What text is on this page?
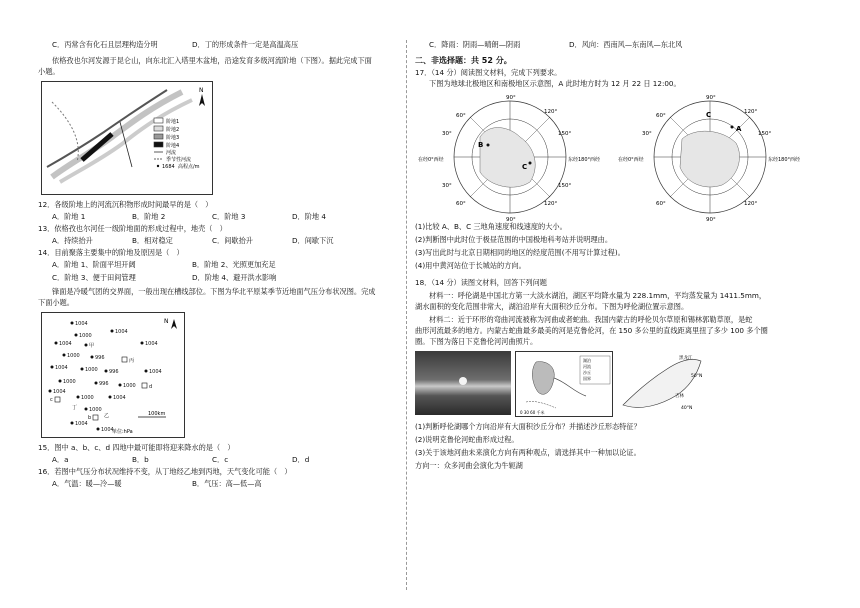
C．丙常含有化石且层理构造分明	D．丁的形成条件一定是高温高压
依格孜也尔河发源于昆仑山，向东北汇入塔里木盆地，沿途发育多级河流阶地（下图）。据此完成下面
小题。
N
阶地1
阶地2
阶地3
阶地4
河流
季节性河流
1684 高程点/m
12．各级阶地上的河流沉积物形成时间最早的是（　）
A．阶地 1	B．阶地 2	C．阶地 3	D．阶地 4
13．依格孜也尔河任一级阶地面的形成过程中，地壳（　）
A．持续抬升	B．相对稳定	C．间歇抬升	D．间歇下沉
14．目前聚落主要集中的阶地及原因是（　）
A．阶地 1、阶面平坦开阔	B．阶地 2、光照更加充足
C．阶地 3、便于田间管理	D．阶地 4、避开洪水影响
锋面是冷暖气团的交界面，一般出现在槽线部位。下图为华北平原某季节近地面气压分布状况图。完成
下面小题。
1004
1004
1000
1004	甲	1004
1000	996	丙
1004	1000 996	1004
1000	996	1000	d
1004
c	1000	1004
丁 1000
b	乙
1004
1004
N
100km
单位:hPa
15．图中 a、b、c、d 四地中最可能即将迎来降水的是（　）
A．a	B．b	C．c	D．d
16．若图中气压分布状况维持不变，从丁地经乙地到丙地，天气变化可能（　）
A．气温：暖—冷—暖	B．气压：高—低—高
C．降雨：阴雨—晴朗—阴雨	D．风向：西南风—东南风—东北风
二、非选择题：共 52 分。
17．（14 分）阅读图文材料，完成下列要求。
下图为地球北极地区和南极地区示意图，A 此时地方时为 12 月 22 日 12:00。
B
C
90°
90°
60°
120°
150°
30°
30°	150°
60°	120°
在经0°西经	东经180°西经
A
C
90°
90°
60°
120°
30°	150°
60°	120°
在经0°西经	东经180°西经
(1)比较 A、B、C 三地角速度和线速度的大小。
(2)判断图中此时位于极昼范围的中国极地科考站并说明理由。
(3)写出此时与北京日期相同的地区的经度范围(不用写计算过程)。
(4)用中黄河站位于长城站的方向。
18．（14 分）读图文材料，回答下列问题
材料一：呼伦湖是中国北方第一大淡水湖泊，湖区平均降水量为 228.1mm，平均蒸发量为 1411.5mm，
湖水面积的变化范围非常大，湖泊沿岸有大面积沙丘分布。下图为呼伦湖位置示意图。
材料二：近于环形的弯曲河流被称为河曲或者蛇曲。我国内蒙古的呼伦贝尔草原和锡林郭勒草原，是蛇
曲形河流最多的地方。内蒙古蛇曲最多最美的河是克鲁伦河，在 150 多公里的直线距离里扭了多少 100 多个圈
圈。下图为落日下克鲁伦河河曲照片。
湖泊
河流
沙丘
国界
0 30 60 千米
黑龙江
吉林
50°N
40°N
(1)判断呼伦湖哪个方向沿岸有大面积沙丘分布？并描述沙丘形态特征？
(2)说明克鲁伦河蛇曲形成过程。
(3)关于该地河曲未来演化方向有两种观点，请选择其中一种加以论证。
方向一：众多河曲会演化为牛轭湖
